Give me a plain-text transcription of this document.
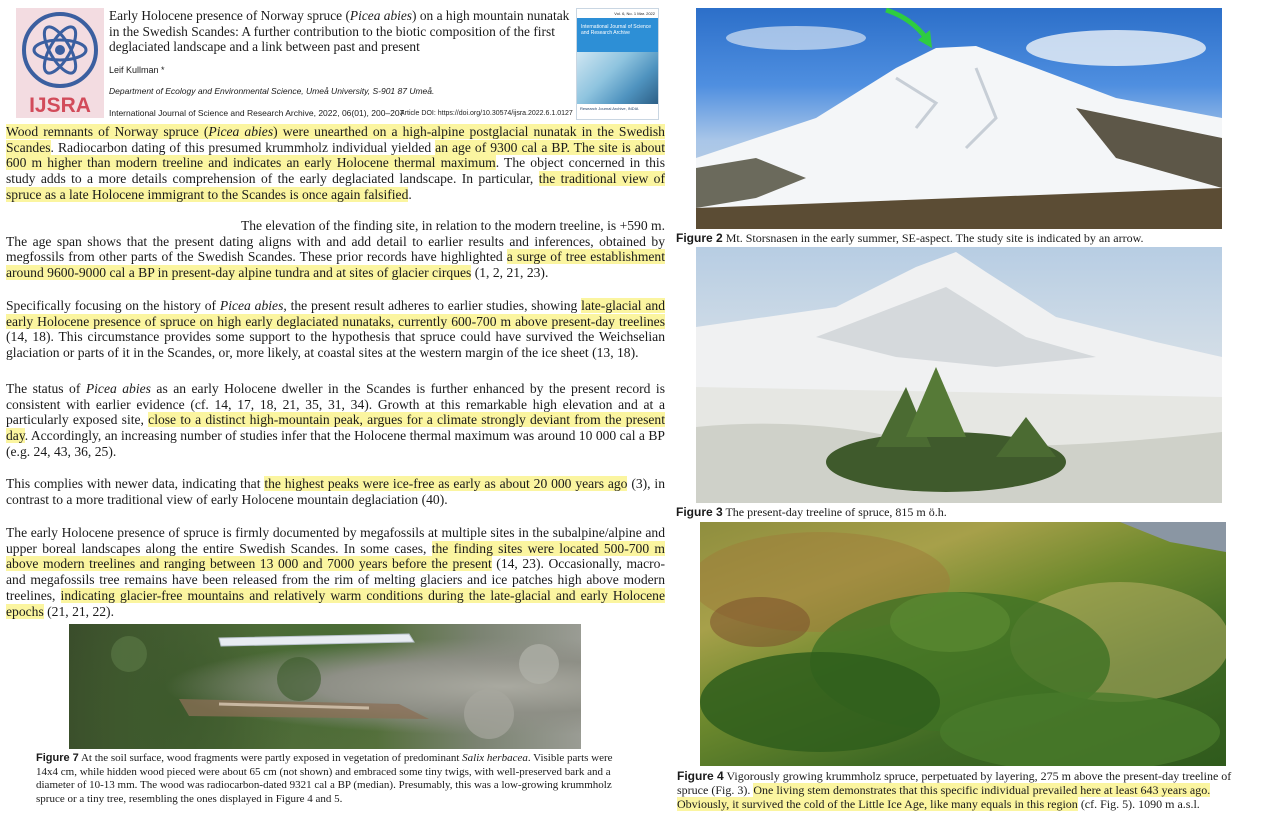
IJSRA
Early Holocene presence of Norway spruce (Picea abies) on a high mountain nunatak in the Swedish Scandes: A further contribution to the biotic composition of the first deglaciated landscape and a link between past and present
Leif Kullman *
Department of Ecology and Environmental Science, Umeå University, S-901 87 Umeå.
International Journal of Science and Research Archive, 2022, 06(01), 200–207
Article DOI: https://doi.org/10.30574/ijsra.2022.6.1.0127
Vol. 6, No. 1 Mar. 2022
International Journal of Science and Research Archive
Research Journal Archive, INDIA

Wood remnants of Norway spruce (Picea abies) were unearthed on a high-alpine postglacial nunatak in the Swedish Scandes. Radiocarbon dating of this presumed krummholz individual yielded an age of 9300 cal a BP. The site is about 600 m higher than modern treeline and indicates an early Holocene thermal maximum. The object concerned in this study adds to a more details comprehension of the early deglaciated landscape. In particular, the traditional view of spruce as a late Holocene immigrant to the Scandes is once again falsified.

The elevation of the finding site, in relation to the modern treeline, is +590 m.
The age span shows that the present dating aligns with and add detail to earlier results and inferences, obtained by megfossils from other parts of the Swedish Scandes. These prior records have highlighted a surge of tree establishment around 9600-9000 cal a BP in present-day alpine tundra and at sites of glacier cirques (1, 2, 21, 23).

Specifically focusing on the history of Picea abies, the present result adheres to earlier studies, showing late-glacial and early Holocene presence of spruce on high early deglaciated nunataks, currently 600-700 m above present-day treelines (14, 18). This circumstance provides some support to the hypothesis that spruce could have survived the Weichselian glaciation or parts of it in the Scandes, or, more likely, at coastal sites at the western margin of the ice sheet (13, 18).

The status of Picea abies as an early Holocene dweller in the Scandes is further enhanced by the present record is consistent with earlier evidence (cf. 14, 17, 18, 21, 35, 31, 34). Growth at this remarkable high elevation and at a particularly exposed site, close to a distinct high-mountain peak, argues for a climate strongly deviant from the present day. Accordingly, an increasing number of studies infer that the Holocene thermal maximum was around 10 000 cal a BP (e.g. 24, 43, 36, 25).

This complies with newer data, indicating that the highest peaks were ice-free as early as about 20 000 years ago (3), in contrast to a more traditional view of early Holocene mountain deglaciation (40).

The early Holocene presence of spruce is firmly documented by megafossils at multiple sites in the subalpine/alpine and upper boreal landscapes along the entire Swedish Scandes. In some cases, the finding sites were located 500-700 m above modern treelines and ranging between 13 000 and 7000 years before the present (14, 23). Occasionally, macro- and megafossils tree remains have been released from the rim of melting glaciers and ice patches high above modern treelines, indicating glacier-free mountains and relatively warm conditions during the late-glacial and early Holocene epochs (21, 21, 22).

Figure 7 At the soil surface, wood fragments were partly exposed in vegetation of predominant Salix herbacea. Visible parts were 14x4 cm, while hidden wood pieced were about 65 cm (not shown) and embraced some tiny twigs, with well-preserved bark and a diameter of 10-13 mm. The wood was radiocarbon-dated 9321 cal a BP (median). Presumably, this was a low-growing krummholz spruce or a tiny tree, resembling the ones displayed in Figure 4 and 5.
Figure 2 Mt. Storsnasen in the early summer, SE-aspect. The study site is indicated by an arrow.
Figure 3 The present-day treeline of spruce, 815 m ö.h.
Figure 4 Vigorously growing krummholz spruce, perpetuated by layering, 275 m above the present-day treeline of spruce (Fig. 3). One living stem demonstrates that this specific individual prevailed here at least 643 years ago. Obviously, it survived the cold of the Little Ice Age, like many equals in this region (cf. Fig. 5). 1090 m a.s.l.
